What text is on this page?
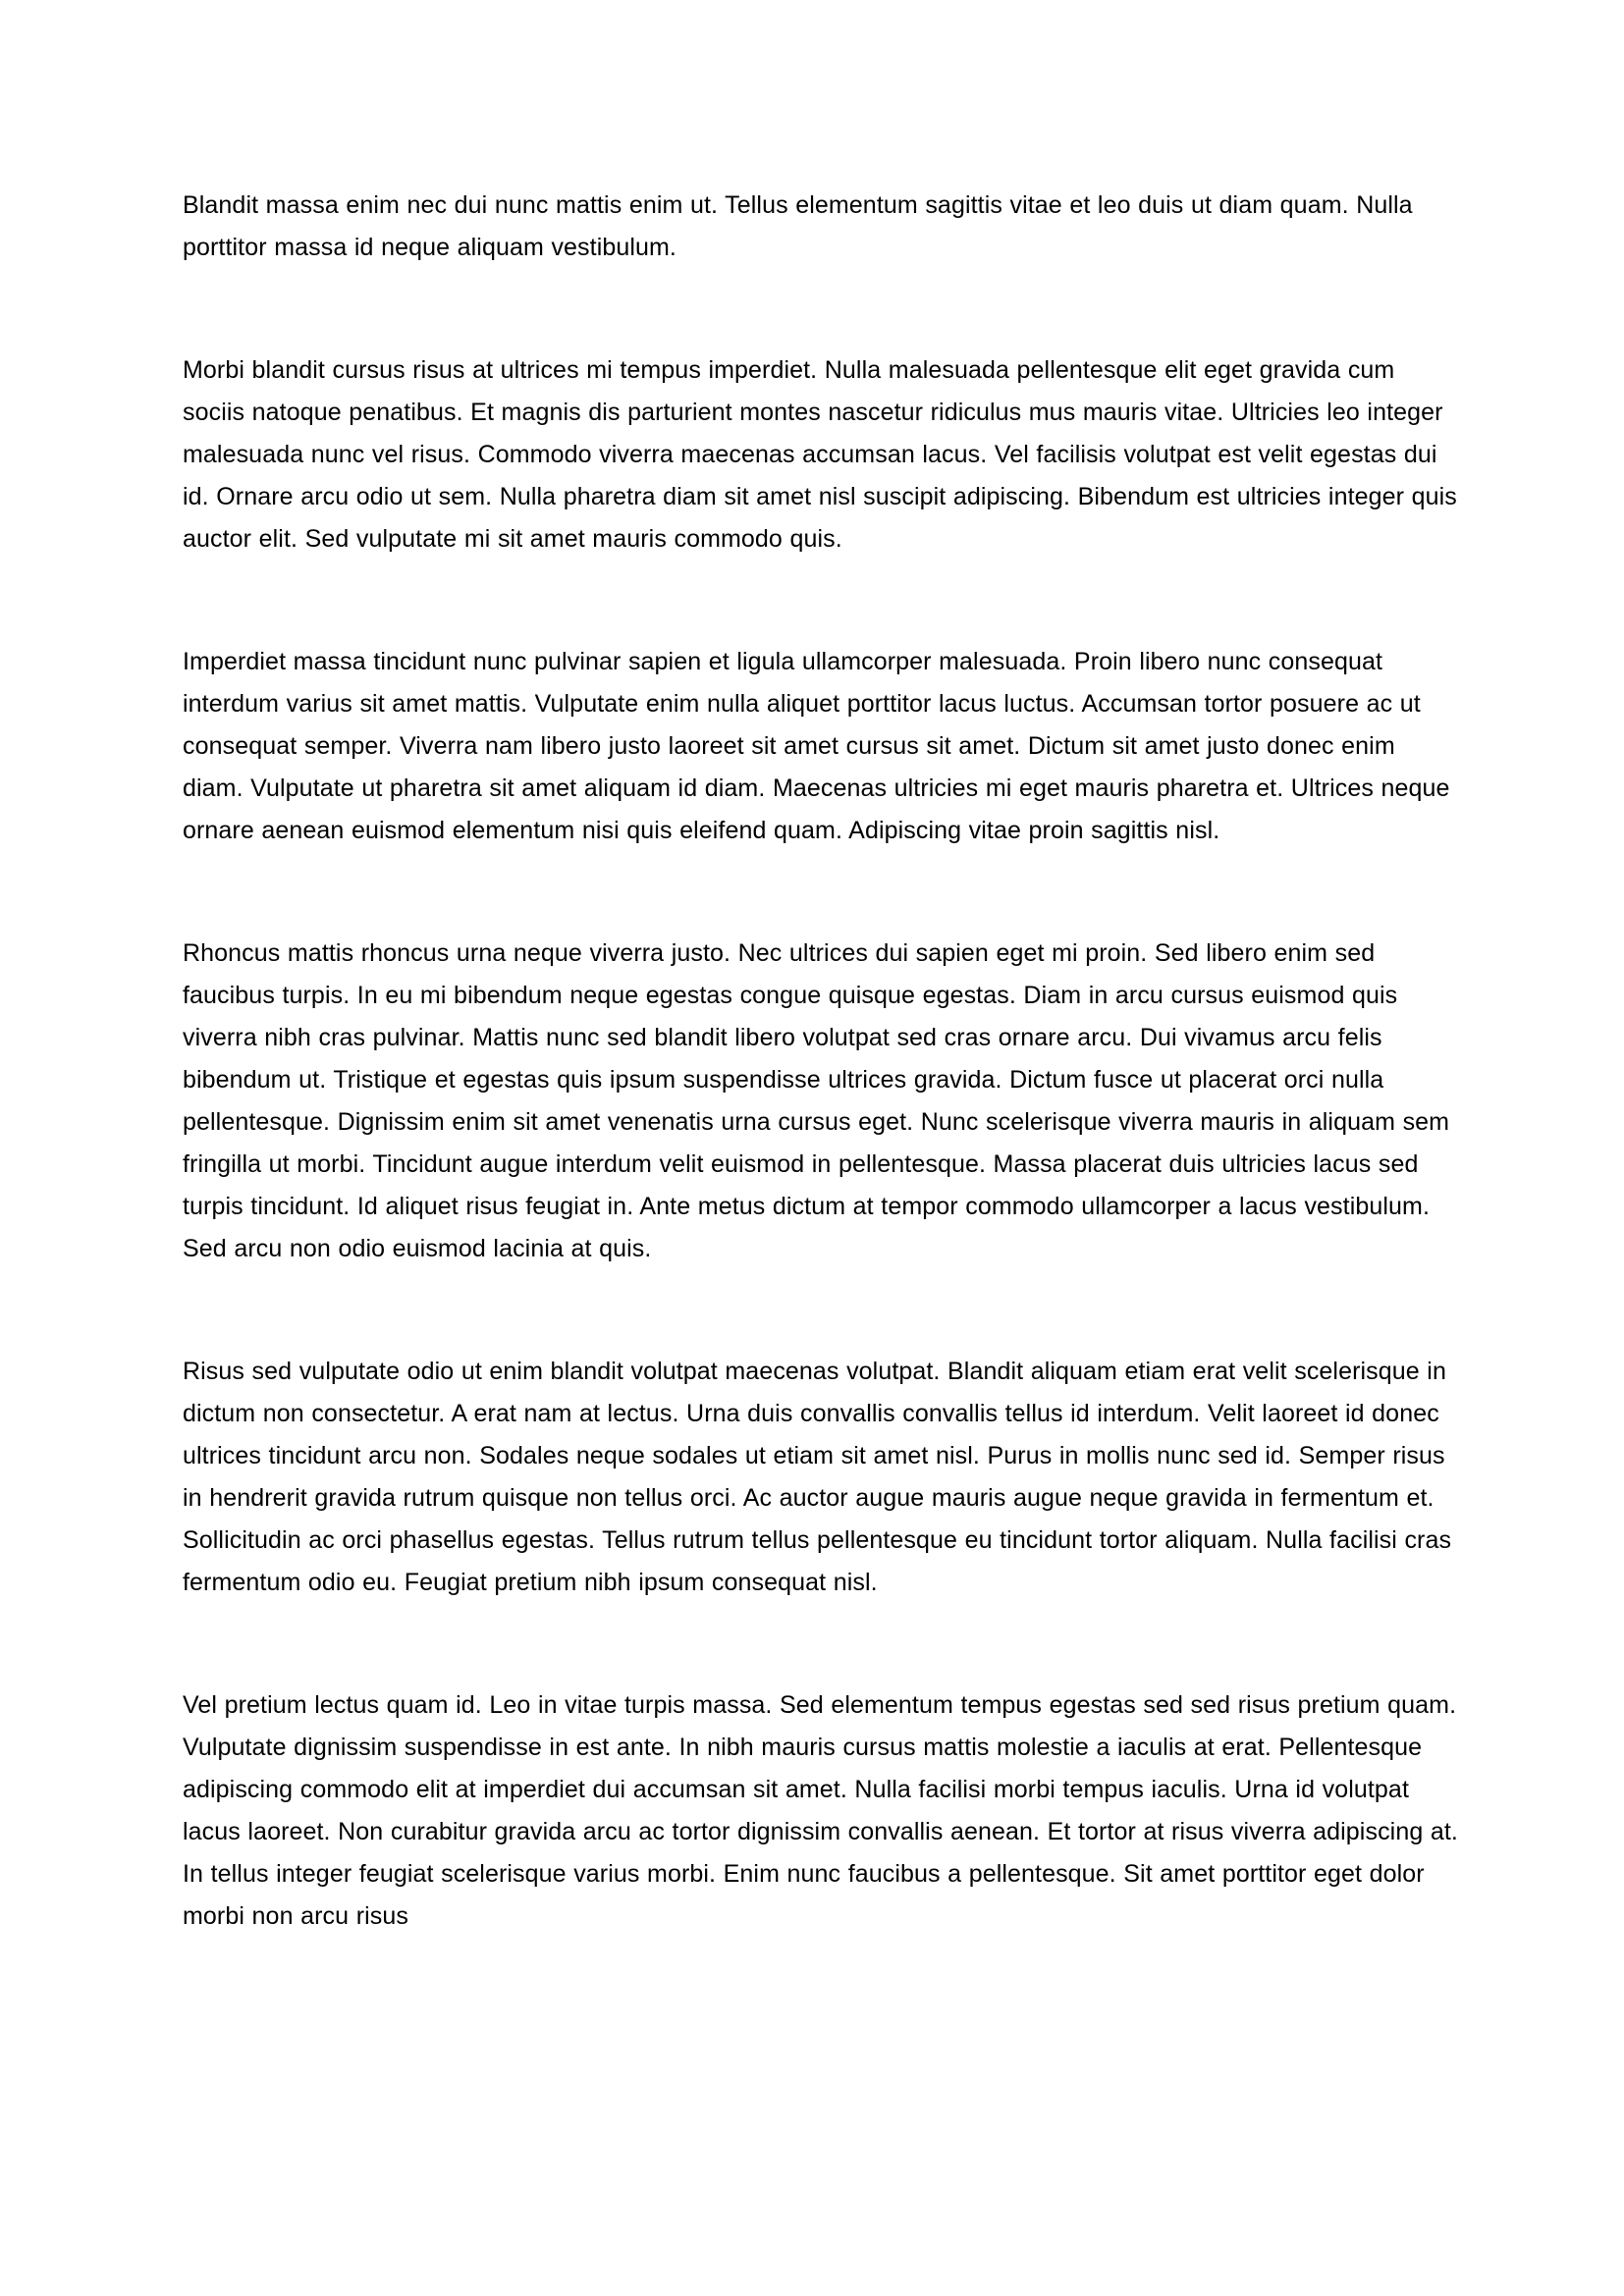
Blandit massa enim nec dui nunc mattis enim ut. Tellus elementum sagittis vitae et leo duis ut diam quam. Nulla porttitor massa id neque aliquam vestibulum.

Morbi blandit cursus risus at ultrices mi tempus imperdiet. Nulla malesuada pellentesque elit eget gravida cum sociis natoque penatibus. Et magnis dis parturient montes nascetur ridiculus mus mauris vitae. Ultricies leo integer malesuada nunc vel risus. Commodo viverra maecenas accumsan lacus. Vel facilisis volutpat est velit egestas dui id. Ornare arcu odio ut sem. Nulla pharetra diam sit amet nisl suscipit adipiscing. Bibendum est ultricies integer quis auctor elit. Sed vulputate mi sit amet mauris commodo quis.

Imperdiet massa tincidunt nunc pulvinar sapien et ligula ullamcorper malesuada. Proin libero nunc consequat interdum varius sit amet mattis. Vulputate enim nulla aliquet porttitor lacus luctus. Accumsan tortor posuere ac ut consequat semper. Viverra nam libero justo laoreet sit amet cursus sit amet. Dictum sit amet justo donec enim diam. Vulputate ut pharetra sit amet aliquam id diam. Maecenas ultricies mi eget mauris pharetra et. Ultrices neque ornare aenean euismod elementum nisi quis eleifend quam. Adipiscing vitae proin sagittis nisl.

Rhoncus mattis rhoncus urna neque viverra justo. Nec ultrices dui sapien eget mi proin. Sed libero enim sed faucibus turpis. In eu mi bibendum neque egestas congue quisque egestas. Diam in arcu cursus euismod quis viverra nibh cras pulvinar. Mattis nunc sed blandit libero volutpat sed cras ornare arcu. Dui vivamus arcu felis bibendum ut. Tristique et egestas quis ipsum suspendisse ultrices gravida. Dictum fusce ut placerat orci nulla pellentesque. Dignissim enim sit amet venenatis urna cursus eget. Nunc scelerisque viverra mauris in aliquam sem fringilla ut morbi. Tincidunt augue interdum velit euismod in pellentesque. Massa placerat duis ultricies lacus sed turpis tincidunt. Id aliquet risus feugiat in. Ante metus dictum at tempor commodo ullamcorper a lacus vestibulum. Sed arcu non odio euismod lacinia at quis.

Risus sed vulputate odio ut enim blandit volutpat maecenas volutpat. Blandit aliquam etiam erat velit scelerisque in dictum non consectetur. A erat nam at lectus. Urna duis convallis convallis tellus id interdum. Velit laoreet id donec ultrices tincidunt arcu non. Sodales neque sodales ut etiam sit amet nisl. Purus in mollis nunc sed id. Semper risus in hendrerit gravida rutrum quisque non tellus orci. Ac auctor augue mauris augue neque gravida in fermentum et. Sollicitudin ac orci phasellus egestas. Tellus rutrum tellus pellentesque eu tincidunt tortor aliquam. Nulla facilisi cras fermentum odio eu. Feugiat pretium nibh ipsum consequat nisl.

Vel pretium lectus quam id. Leo in vitae turpis massa. Sed elementum tempus egestas sed sed risus pretium quam. Vulputate dignissim suspendisse in est ante. In nibh mauris cursus mattis molestie a iaculis at erat. Pellentesque adipiscing commodo elit at imperdiet dui accumsan sit amet. Nulla facilisi morbi tempus iaculis. Urna id volutpat lacus laoreet. Non curabitur gravida arcu ac tortor dignissim convallis aenean. Et tortor at risus viverra adipiscing at. In tellus integer feugiat scelerisque varius morbi. Enim nunc faucibus a pellentesque. Sit amet porttitor eget dolor morbi non arcu risus
